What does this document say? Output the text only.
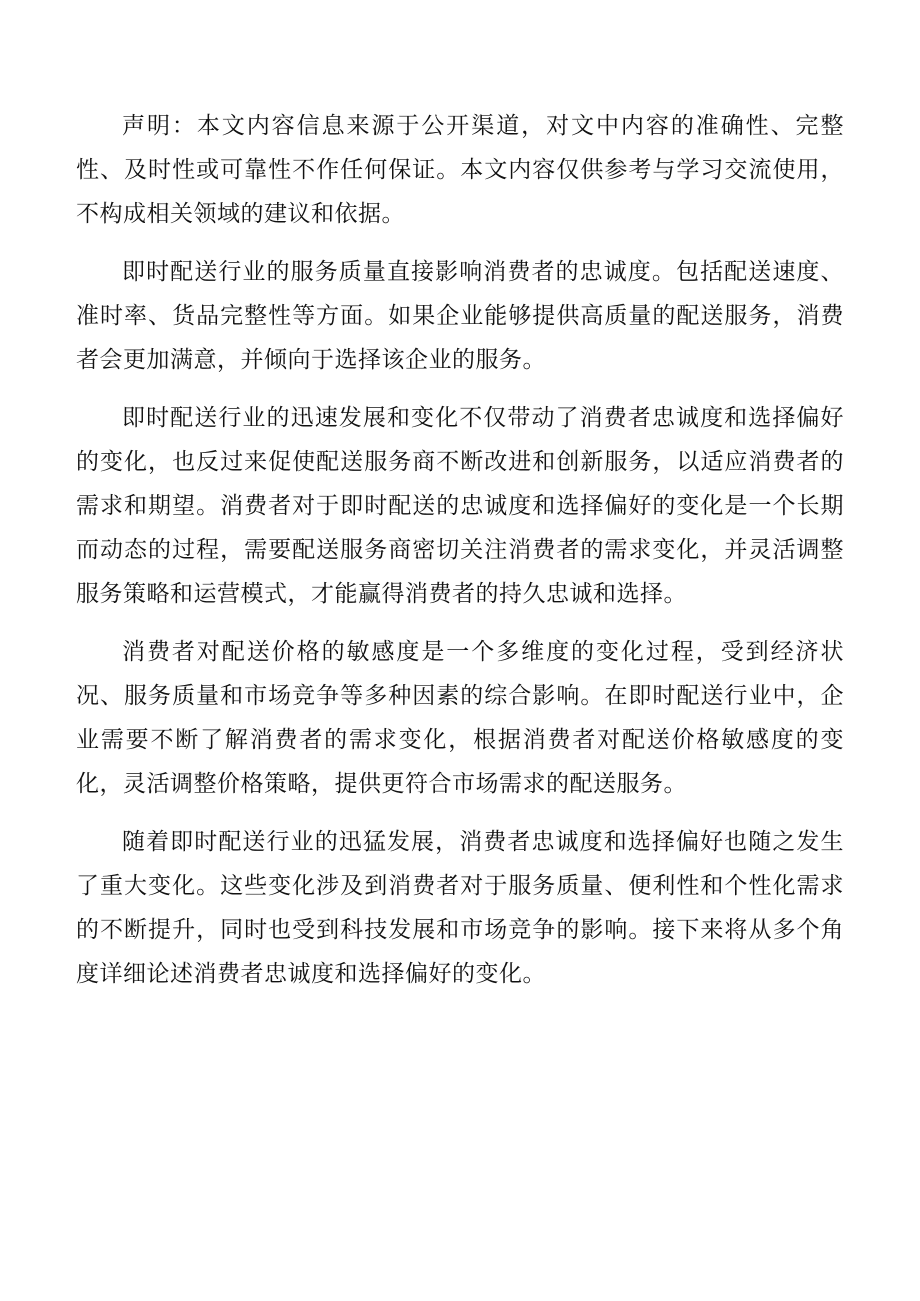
声明：本文内容信息来源于公开渠道，对文中内容的准确性、完整性、及时性或可靠性不作任何保证。本文内容仅供参考与学习交流使用，不构成相关领域的建议和依据。

即时配送行业的服务质量直接影响消费者的忠诚度。包括配送速度、准时率、货品完整性等方面。如果企业能够提供高质量的配送服务，消费者会更加满意，并倾向于选择该企业的服务。

即时配送行业的迅速发展和变化不仅带动了消费者忠诚度和选择偏好的变化，也反过来促使配送服务商不断改进和创新服务，以适应消费者的需求和期望。消费者对于即时配送的忠诚度和选择偏好的变化是一个长期而动态的过程，需要配送服务商密切关注消费者的需求变化，并灵活调整服务策略和运营模式，才能赢得消费者的持久忠诚和选择。

消费者对配送价格的敏感度是一个多维度的变化过程，受到经济状况、服务质量和市场竞争等多种因素的综合影响。在即时配送行业中，企业需要不断了解消费者的需求变化，根据消费者对配送价格敏感度的变化，灵活调整价格策略，提供更符合市场需求的配送服务。

随着即时配送行业的迅猛发展，消费者忠诚度和选择偏好也随之发生了重大变化。这些变化涉及到消费者对于服务质量、便利性和个性化需求的不断提升，同时也受到科技发展和市场竞争的影响。接下来将从多个角度详细论述消费者忠诚度和选择偏好的变化。
